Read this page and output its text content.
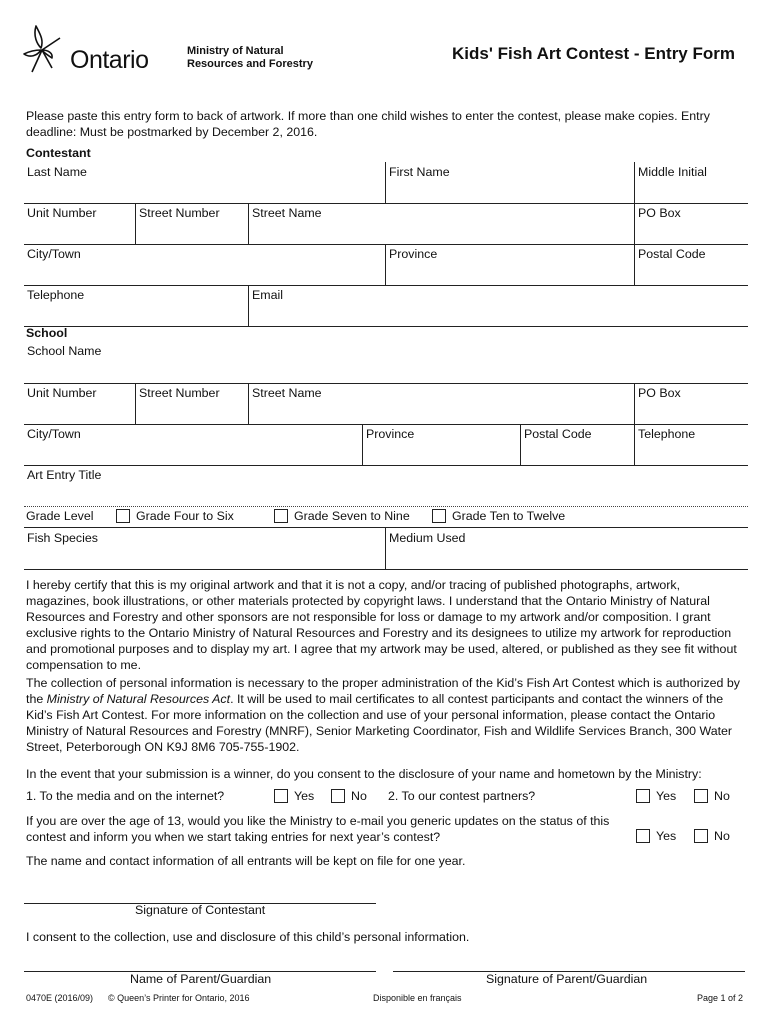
Ontario	Ministry of Natural
Resources and Forestry
Kids' Fish Art Contest - Entry Form
Please paste this entry form to back of artwork. If more than one child wishes to enter the contest, please make copies. Entry deadline: Must be postmarked by December 2, 2016.
Contestant
Last Name	First Name	Middle Initial
Unit Number	Street Number	Street Name	PO Box
City/Town	Province	Postal Code
Telephone	Email
School
School Name
Unit Number	Street Number	Street Name	PO Box
City/Town	Province	Postal Code	Telephone
Art Entry Title
Grade Level	Grade Four to Six	Grade Seven to Nine	Grade Ten to Twelve
Fish Species	Medium Used
I hereby certify that this is my original artwork and that it is not a copy, and/or tracing of published photographs, artwork, magazines, book illustrations, or other materials protected by copyright laws. I understand that the Ontario Ministry of Natural Resources and Forestry and other sponsors are not responsible for loss or damage to my artwork and/or composition. I grant exclusive rights to the Ontario Ministry of Natural Resources and Forestry and its designees to utilize my artwork for reproduction and promotional purposes and to display my art. I agree that my artwork may be used, altered, or published as they see fit without compensation to me.
The collection of personal information is necessary to the proper administration of the Kid’s Fish Art Contest which is authorized by the Ministry of Natural Resources Act. It will be used to mail certificates to all contest participants and contact the winners of the Kid’s Fish Art Contest. For more information on the collection and use of your personal information, please contact the Ontario Ministry of Natural Resources and Forestry (MNRF), Senior Marketing Coordinator, Fish and Wildlife Services Branch, 300 Water Street, Peterborough ON K9J 8M6 705-755-1902.
In the event that your submission is a winner, do you consent to the disclosure of your name and hometown by the Ministry:
1. To the media and on the internet?	Yes	No 2. To our contest partners?	Yes	No
If you are over the age of 13, would you like the Ministry to e-mail you generic updates on the status of this contest and inform you when we start taking entries for next year’s contest?	Yes	No
The name and contact information of all entrants will be kept on file for one year.
Signature of Contestant
I consent to the collection, use and disclosure of this child’s personal information.
Name of Parent/Guardian	Signature of Parent/Guardian
0470E (2016/09) © Queen’s Printer for Ontario, 2016	Disponible en français	Page 1 of 2
